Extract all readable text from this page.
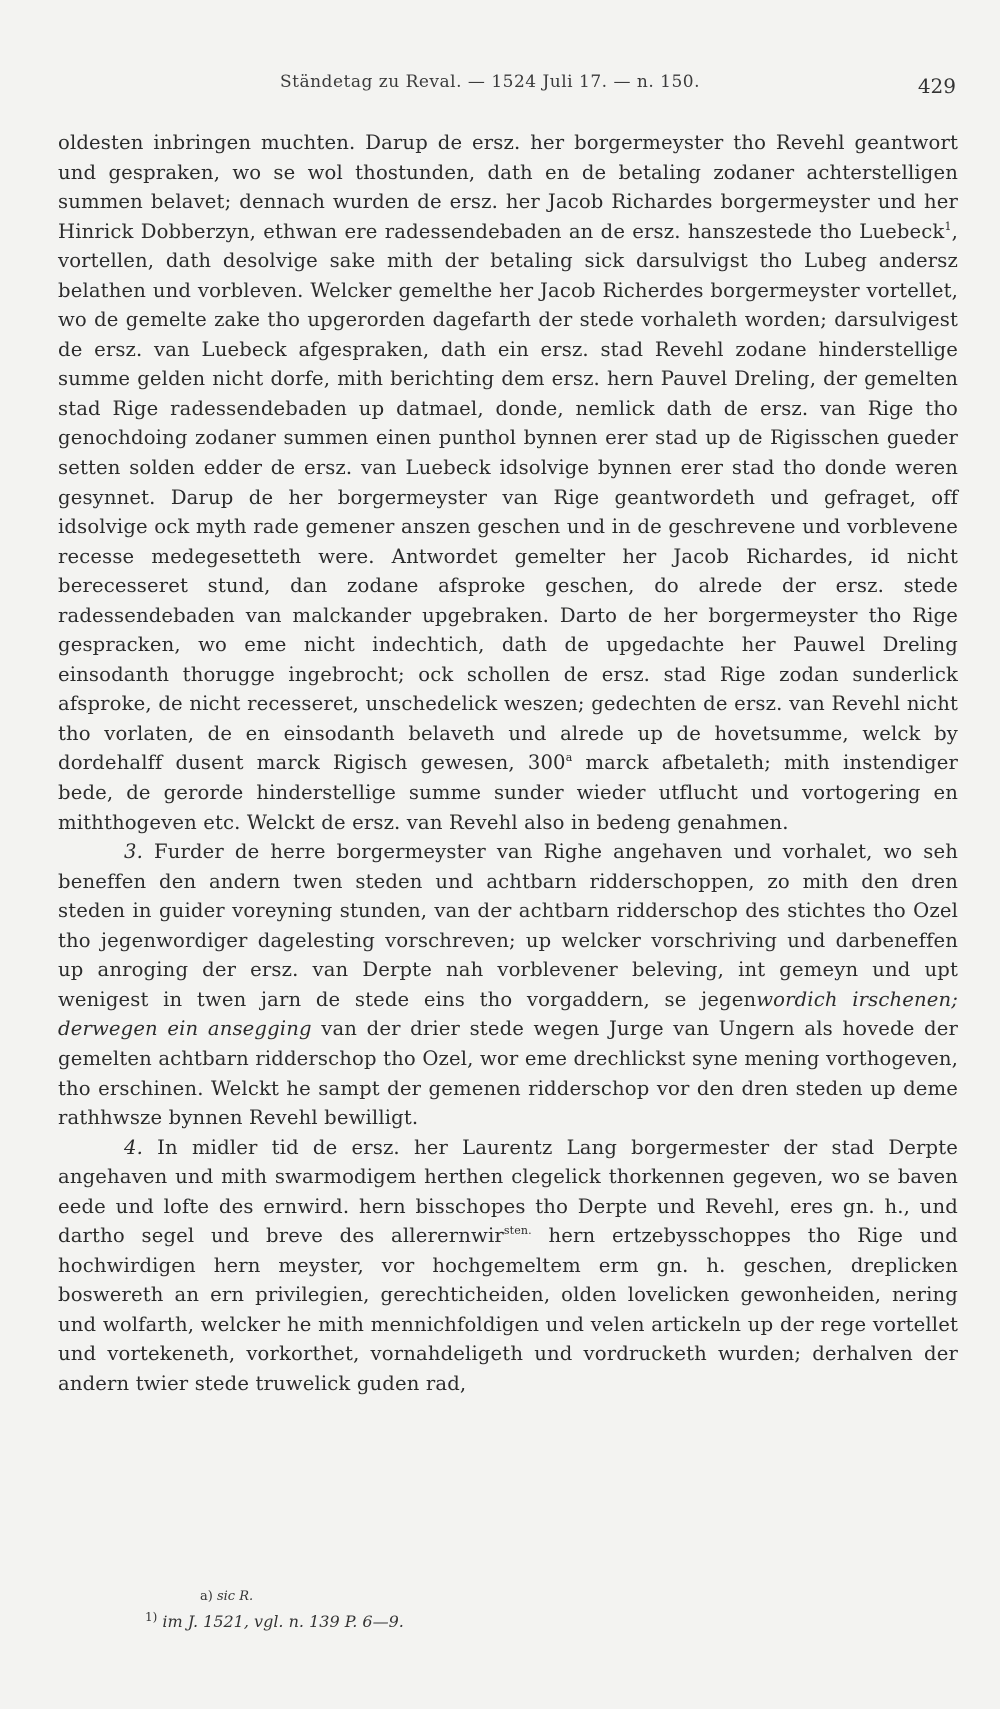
Ständetag zu Reval. — 1524 Juli 17. — n. 150.	429

oldesten inbringen muchten. Darup de ersz. her borgermeyster tho Revehl geantwort und gespraken, wo se wol thostunden, dath en de betaling zodaner achterstelligen summen belavet; dennach wurden de ersz. her Jacob Richardes borgermeyster und her Hinrick Dobberzyn, ethwan ere radessendebaden an de ersz. hanszestede tho Luebeck$^1$, vortellen, dath desolvige sake mith der betaling sick darsulvigst tho Lubeg andersz belathen und vorbleven. Welcker gemelthe her Jacob Richerdes borgermeyster vortellet, wo de gemelte zake tho upgerorden dagefarth der stede vorhaleth worden; darsulvigest de ersz. van Luebeck afgespraken, dath ein ersz. stad Revehl zodane hinderstellige summe gelden nicht dorfe, mith berichting dem ersz. hern Pauvel Dreling, der gemelten stad Rige radessendebaden up datmael, donde, nemlick dath de ersz. van Rige tho genochdoing zodaner summen einen punthol bynnen erer stad up de Rigisschen gueder setten solden edder de ersz. van Luebeck idsolvige bynnen erer stad tho donde weren gesynnet. Darup de her borgermeyster van Rige geantwordeth und gefraget, off idsolvige ock myth rade gemener anszen geschen und in de geschrevene und vorblevene recesse medegesetteth were. Antwordet gemelter her Jacob Richardes, id nicht berecesseret stund, dan zodane afsproke geschen, do alrede der ersz. stede radessendebaden van malckander upgebraken. Darto de her borgermeyster tho Rige gespracken, wo eme nicht indechtich, dath de upgedachte her Pauwel Dreling einsodanth thorugge ingebrocht; ock schollen de ersz. stad Rige zodan sunderlick afsproke, de nicht recesseret, unschedelick weszen; gedechten de ersz. van Revehl nicht tho vorlaten, de en einsodanth belaveth und alrede up de hovetsumme, welck by dordehalff dusent marck Rigisch gewesen, 300$^a$ marck afbetaleth; mith instendiger bede, de gerorde hinderstellige summe sunder wieder utflucht und vortogering en miththogeven etc. Welckt de ersz. van Revehl also in bedeng genahmen.

3. Furder de herre borgermeyster van Righe angehaven und vorhalet, wo seh beneffen den andern twen steden und achtbarn ridderschoppen, zo mith den dren steden in guider voreyning stunden, van der achtbarn ridderschop des stichtes tho Ozel tho jegenwordiger dagelesting vorschreven; up welcker vorschriving und darbeneffen up anroging der ersz. van Derpte nah vorblevener beleving, int gemeyn und upt wenigest in twen jarn de stede eins tho vorgaddern, se jegenwordich irschenen; derwegen ein ansegging van der drier stede wegen Jurge van Ungern als hovede der gemelten achtbarn ridderschop tho Ozel, wor eme drechlickst syne mening vorthogeven, tho erschinen. Welckt he sampt der gemenen ridderschop vor den dren steden up deme rathhwsze bynnen Revehl bewilligt.

4. In midler tid de ersz. her Laurentz Lang borgermester der stad Derpte angehaven und mith swarmodigem herthen clegelick thorkennen gegeven, wo se baven eede und lofte des ernwird. hern bisschopes tho Derpte und Revehl, eres gn. h., und dartho segel und breve des allerernwir$^{sten.}$ hern ertzebysschoppes tho Rige und hochwirdigen hern meyster, vor hochgemeltem erm gn. h. geschen, dreplicken boswereth an ern privilegien, gerechticheiden, olden lovelicken gewonheiden, nering und wolfarth, welcker he mith mennichfoldigen und velen artickeln up der rege vortellet und vortekeneth, vorkorthet, vornahdeligeth und vordrucketh wurden; derhalven der andern twier stede truwelick guden rad,

a) sic R.
$^{1)}$ im J. 1521, vgl. n. 139 P. 6—9.
